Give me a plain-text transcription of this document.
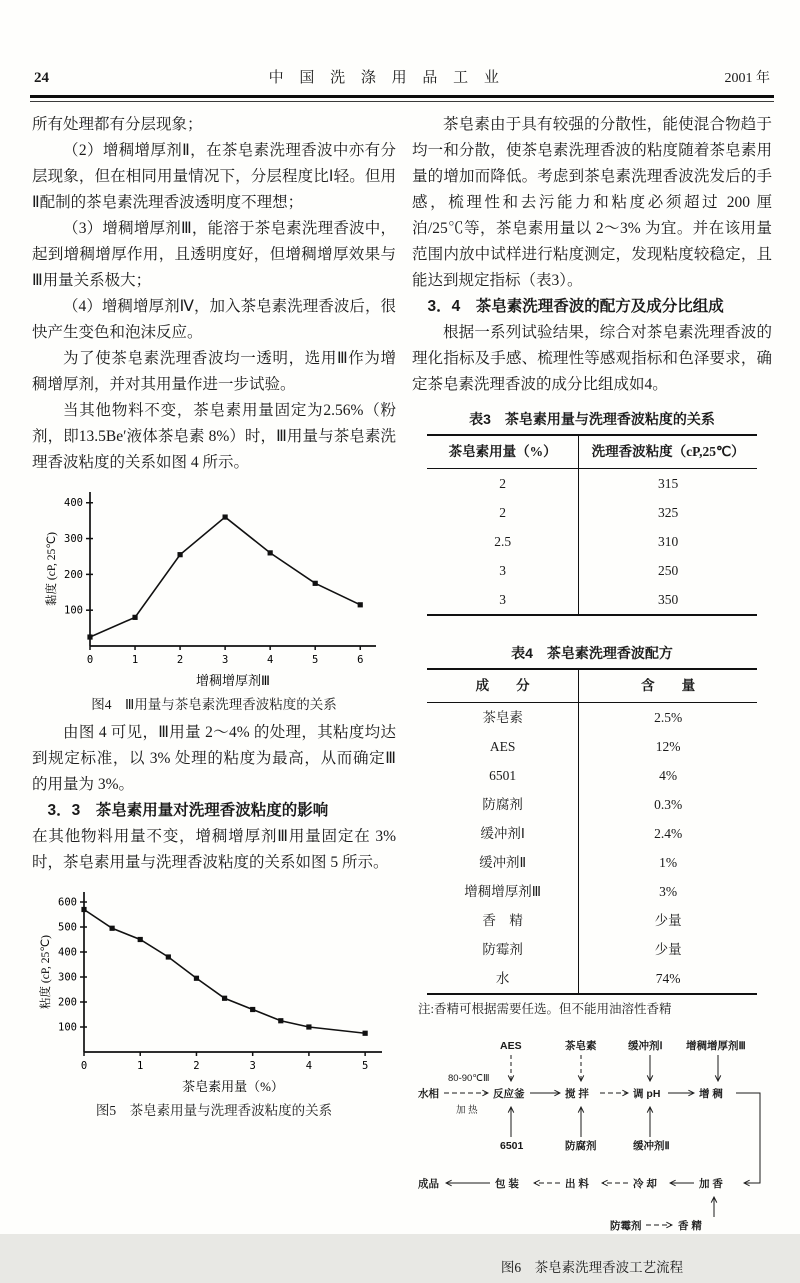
24	中 国 洗 涤 用 品 工 业	2001 年

所有处理都有分层现象；

（2）增稠增厚剂Ⅱ，在茶皂素洗理香波中亦有分层现象，但在相同用量情况下，分层程度比Ⅰ轻。但用Ⅱ配制的茶皂素洗理香波透明度不理想；

（3）增稠增厚剂Ⅲ，能溶于茶皂素洗理香波中，起到增稠增厚作用，且透明度好，但增稠增厚效果与Ⅲ用量关系极大；

（4）增稠增厚剂Ⅳ，加入茶皂素洗理香波后，很快产生变色和泡沫反应。

为了使茶皂素洗理香波均一透明，选用Ⅲ作为增稠增厚剂，并对其用量作进一步试验。

当其他物料不变，茶皂素用量固定为2.56%（粉剂，即13.5Be′液体茶皂素 8%）时，Ⅲ用量与茶皂素洗理香波粘度的关系如图 4 所示。

100
200
300
400
0	1	2	3	4	5	6
增稠增厚剂Ⅲ
黏度 (cP, 25℃)

图4　Ⅲ用量与茶皂素洗理香波粘度的关系

由图 4 可见，Ⅲ用量 2～4% 的处理，其粘度均达到规定标准，以 3% 处理的粘度为最高，从而确定Ⅲ的用量为 3%。

3．3　茶皂素用量对洗理香波粘度的影响

在其他物料用量不变，增稠增厚剂Ⅲ用量固定在 3% 时，茶皂素用量与洗理香波粘度的关系如图 5 所示。

100
200
300
400
500
600
0	1	2	3	4	5
茶皂素用量（%）
粘度 (cP, 25℃)

图5　茶皂素用量与洗理香波粘度的关系

茶皂素由于具有较强的分散性，能使混合物趋于均一和分散，使茶皂素洗理香波的粘度随着茶皂素用量的增加而降低。考虑到茶皂素洗理香波洗发后的手感，梳理性和去污能力和粘度必须超过 200 厘泊/25℃等，茶皂素用量以 2～3% 为宜。并在该用量范围内放中试样进行粘度测定，发现粘度较稳定，且能达到规定指标（表3）。

3．4　茶皂素洗理香波的配方及成分比组成

根据一系列试验结果，综合对茶皂素洗理香波的理化指标及手感、梳理性等感观指标和色泽要求，确定茶皂素洗理香波的成分比组成如4。

表3　茶皂素用量与洗理香波粘度的关系

茶皂素用量（%）	洗理香波粘度（cP,25℃）
2	315
2	325
2.5	310
3	250
3	350

表4　茶皂素洗理香波配方

成　　分	含　　量
茶皂素	2.5%
AES	12%
6501	4%
防腐剂	0.3%
缓冲剂Ⅰ	2.4%
缓冲剂Ⅱ	1%
增稠增厚剂Ⅲ	3%
香　精	少量
防霉剂	少量
水	74%

注:香精可根据需要任选。但不能用油溶性香精

水相
80-90℃Ⅲ
加 热
反应釜	搅 拌	调 pH	增 稠
AES	茶皂素	缓冲剂Ⅰ 增稠增厚剂Ⅲ
6501	防腐剂	缓冲剂Ⅱ
加 香
冷 却
出 料
包 装
成品
防霉剂	香 精

图6　茶皂素洗理香波工艺流程
